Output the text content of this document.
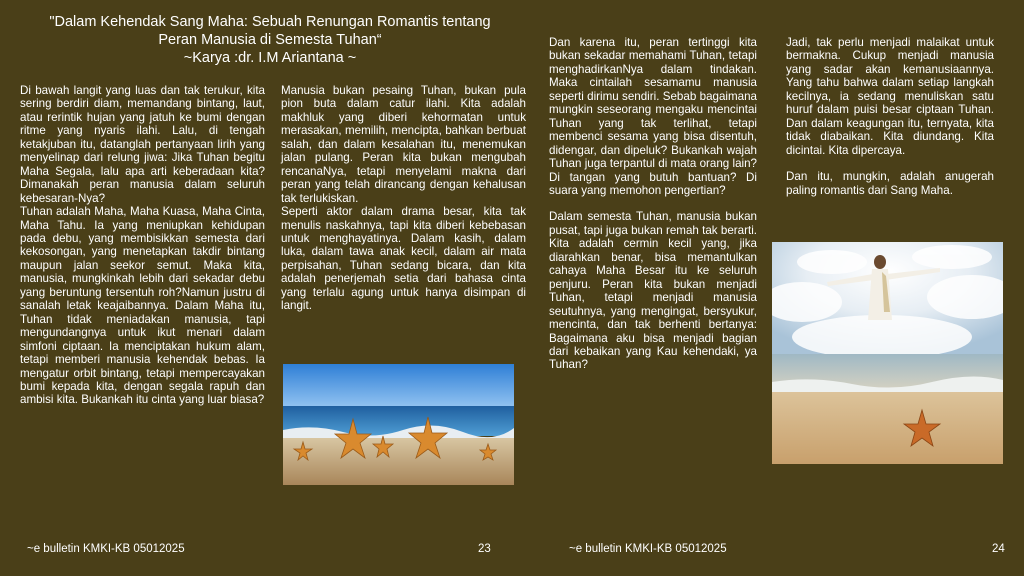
"Dalam Kehendak Sang Maha: Sebuah Renungan Romantis tentang
Peran Manusia di Semesta Tuhan“
~Karya :dr. I.M Ariantana ~

Di bawah langit yang luas dan tak terukur, kita sering berdiri diam, memandang bintang, laut, atau rerintik hujan yang jatuh ke bumi dengan ritme yang nyaris ilahi. Lalu, di tengah ketakjuban itu, datanglah pertanyaan lirih yang menyelinap dari relung jiwa: Jika Tuhan begitu Maha Segala, lalu apa arti keberadaan kita? Dimanakah peran manusia dalam seluruh kebesaran-Nya?

Tuhan adalah Maha, Maha Kuasa, Maha Cinta, Maha Tahu. Ia yang meniupkan kehidupan pada debu, yang membisikkan semesta dari kekosongan, yang menetapkan takdir bintang maupun jalan seekor semut. Maka kita, manusia, mungkinkah lebih dari sekadar debu yang beruntung tersentuh roh?Namun justru di sanalah letak keajaibannya. Dalam Maha itu, Tuhan tidak meniadakan manusia, tapi mengundangnya untuk ikut menari dalam simfoni ciptaan. Ia menciptakan hukum alam, tetapi memberi manusia kehendak bebas. Ia mengatur orbit bintang, tetapi mempercayakan bumi kepada kita, dengan segala rapuh dan ambisi kita. Bukankah itu cinta yang luar biasa?

Manusia bukan pesaing Tuhan, bukan pula pion buta dalam catur ilahi. Kita adalah makhluk yang diberi kehormatan untuk merasakan, memilih, mencipta, bahkan berbuat salah, dan dalam kesalahan itu, menemukan jalan pulang. Peran kita bukan mengubah rencanaNya, tetapi menyelami makna dari peran yang telah dirancang dengan kehalusan tak terlukiskan.

Seperti aktor dalam drama besar, kita tak menulis naskahnya, tapi kita diberi kebebasan untuk menghayatinya. Dalam kasih, dalam luka, dalam tawa anak kecil, dalam air mata perpisahan, Tuhan sedang bicara, dan kita adalah penerjemah setia dari bahasa cinta yang terlalu agung untuk hanya disimpan di langit.

Dan karena itu, peran tertinggi kita bukan sekadar memahami Tuhan, tetapi menghadirkanNya dalam tindakan. Maka cintailah sesamamu manusia seperti dirimu sendiri. Sebab bagaimana mungkin seseorang mengaku mencintai Tuhan yang tak terlihat, tetapi membenci sesama yang bisa disentuh, didengar, dan dipeluk? Bukankah wajah Tuhan juga terpantul di mata orang lain? Di tangan yang butuh bantuan? Di suara yang memohon pengertian?

Dalam semesta Tuhan, manusia bukan pusat, tapi juga bukan remah tak berarti. Kita adalah cermin kecil yang, jika diarahkan benar, bisa memantulkan cahaya Maha Besar itu ke seluruh penjuru. Peran kita bukan menjadi Tuhan, tetapi menjadi manusia seutuhnya, yang mengingat, bersyukur, mencinta, dan tak berhenti bertanya: Bagaimana aku bisa menjadi bagian dari kebaikan yang Kau kehendaki, ya Tuhan?

Jadi, tak perlu menjadi malaikat untuk bermakna. Cukup menjadi manusia yang sadar akan kemanusiaannya. Yang tahu bahwa dalam setiap langkah kecilnya, ia sedang menuliskan satu huruf dalam puisi besar ciptaan Tuhan. Dan dalam keagungan itu, ternyata, kita tidak diabaikan. Kita diundang. Kita dicintai. Kita dipercaya.

Dan itu, mungkin, adalah anugerah paling romantis dari Sang Maha.

~e bulletin KMKI-KB 05012025	23	~e bulletin KMKI-KB 05012025	24
